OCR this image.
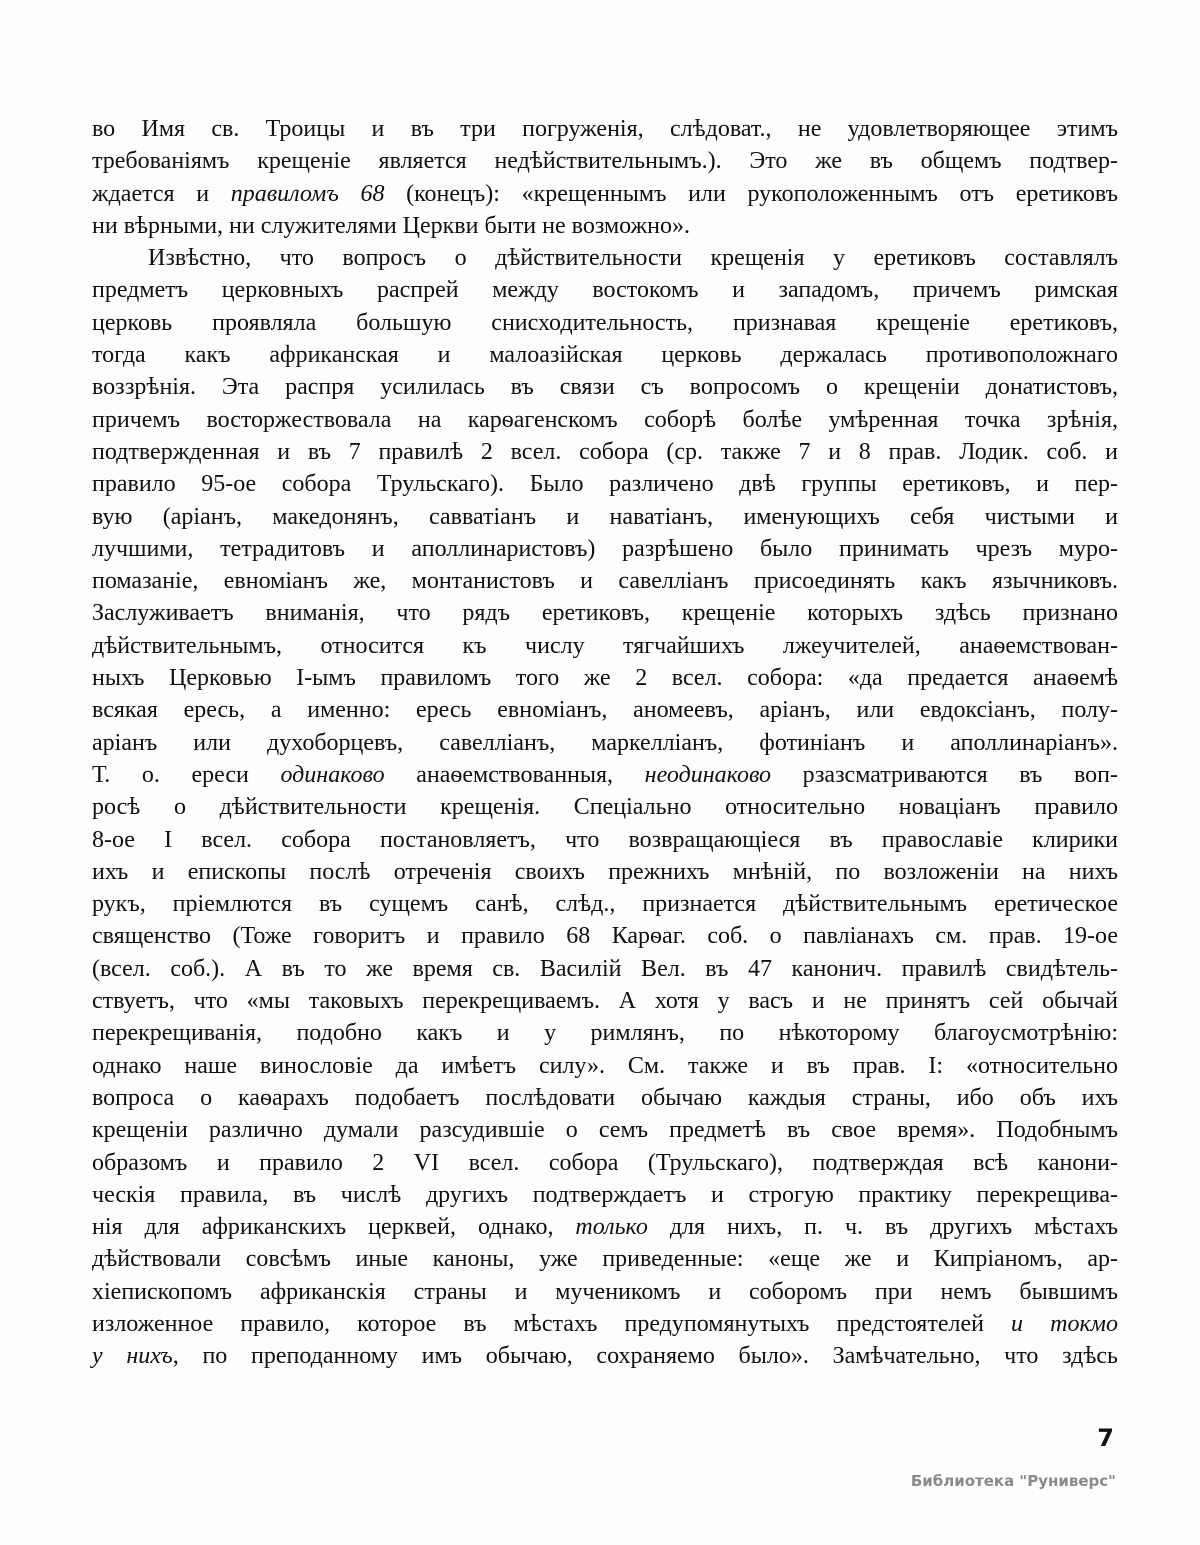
во Имя св. Троицы и въ три погруженія, слѣдоват., не удовлетворяющее этимъ
требованіямъ крещеніе является недѣйствительнымъ.). Это же въ общемъ подтвер-
ждается и правиломъ 68 (конецъ): «крещеннымъ или рукоположеннымъ отъ еретиковъ
ни вѣрными, ни служителями Церкви быти не возможно».
Извѣстно, что вопросъ о дѣйствительности крещенія у еретиковъ составлялъ
предметъ церковныхъ распрей между востокомъ и западомъ, причемъ римская
церковь проявляла большую снисходительность, признавая крещеніе еретиковъ,
тогда какъ африканская и малоазійская церковь держалась противоположнаго
воззрѣнія. Эта распря усилилась въ связи съ вопросомъ о крещеніи донатистовъ,
причемъ восторжествовала на карѳагенскомъ соборѣ болѣе умѣренная точка зрѣнія,
подтвержденная и въ 7 правилѣ 2 всел. собора (ср. также 7 и 8 прав. Лодик. соб. и
правило 95-ое собора Трульскаго). Было различено двѣ группы еретиковъ, и пер-
вую (аріанъ, македонянъ, савватіанъ и наватіанъ, именующихъ себя чистыми и
лучшими, тетрадитовъ и аполлинаристовъ) разрѣшено было принимать чрезъ муро-
помазаніе, евноміанъ же, монтанистовъ и савелліанъ присоединять какъ язычниковъ.
Заслуживаетъ вниманія, что рядъ еретиковъ, крещеніе которыхъ здѣсь признано
дѣйствительнымъ, относится къ числу тягчайшихъ лжеучителей, анаѳемствован-
ныхъ Церковью I-ымъ правиломъ того же 2 всел. собора: «да предается анаѳемѣ
всякая ересь, а именно: ересь евноміанъ, аномеевъ, аріанъ, или евдоксіанъ, полу-
аріанъ или духоборцевъ, савелліанъ, маркелліанъ, фотиніанъ и аполлинаріанъ».
Т. о. ереси одинаково анаѳемствованныя, неодинаково рзазсматриваются въ воп-
росѣ о дѣйствительности крещенія. Спеціально относительно новаціанъ правило
8-ое I всел. собора постановляетъ, что возвращающіеся въ православіе клирики
ихъ и епископы послѣ отреченія своихъ прежнихъ мнѣній, по возложеніи на нихъ
рукъ, пріемлются въ сущемъ санѣ, слѣд., признается дѣйствительнымъ еретическое
священство (Тоже говоритъ и правило 68 Карѳаг. соб. о павліанахъ см. прав. 19-ое
(всел. соб.). А въ то же время св. Василій Вел. въ 47 канонич. правилѣ свидѣтель-
ствуетъ, что «мы таковыхъ перекрещиваемъ. А хотя у васъ и не принятъ сей обычай
перекрещиванія, подобно какъ и у римлянъ, по нѣкоторому благоусмотрѣнію:
однако наше винословіе да имѣетъ силу». См. также и въ прав. I: «относительно
вопроса о каѳарахъ подобаетъ послѣдовати обычаю каждыя страны, ибо объ ихъ
крещеніи различно думали разсудившіе о семъ предметѣ въ свое время». Подобнымъ
образомъ и правило 2 VI всел. собора (Трульскаго), подтверждая всѣ канони-
ческія правила, въ числѣ другихъ подтверждаетъ и строгую практику перекрещива-
нія для африканскихъ церквей, однако, только для нихъ, п. ч. въ другихъ мѣстахъ
дѣйствовали совсѣмъ иные каноны, уже приведенные: «еще же и Кипріаномъ, ар-
хіепископомъ африканскія страны и мученикомъ и соборомъ при немъ бывшимъ
изложенное правило, которое въ мѣстахъ предупомянутыхъ предстоятелей и токмо
у нихъ, по преподанному имъ обычаю, сохраняемо было». Замѣчательно, что здѣсь
7
Библиотека "Руниверс"
